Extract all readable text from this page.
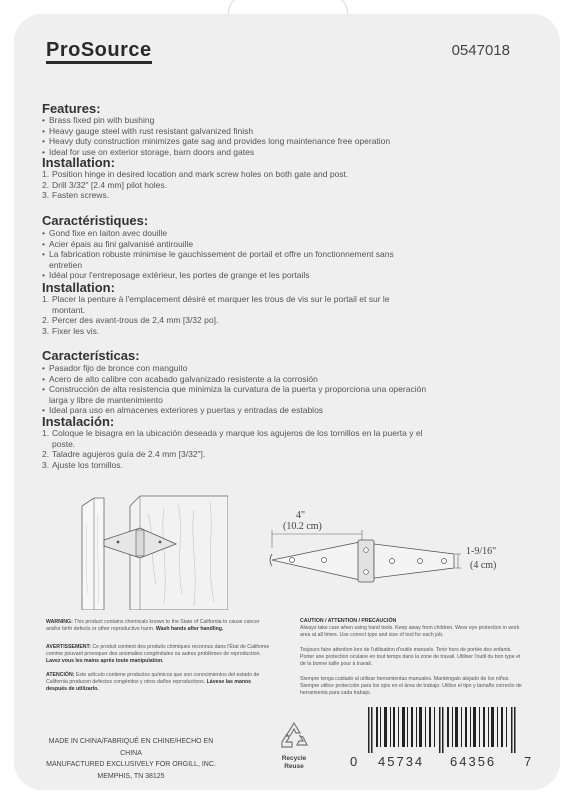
ProSource	0547018
Features:
• Brass fixed pin with bushing
• Heavy gauge steel with rust resistant galvanized finish
• Heavy duty construction minimizes gate sag and provides long maintenance free operation
• Ideal for use on exterior storage, barn doors and gates
Installation:
1. Position hinge in desired location and mark screw holes on both gate and post.
2. Drill 3/32" [2.4 mm] pilot holes.
3. Fasten screws.
Caractéristiques:
• Gond fixe en laiton avec douille
• Acier épais au fini galvanisé antirouille
• La fabrication robuste minimise le gauchissement de portail et offre un fonctionnement sans entretien
• Idéal pour l'entreposage extérieur, les portes de grange et les portails
Installation:
1. Placer la penture à l'emplacement désiré et marquer les trous de vis sur le portail et sur le montant.
2. Percer des avant-trous de 2,4 mm [3/32 po].
3. Fixer les vis.
Características:
• Pasador fijo de bronce con manguito
• Acero de alto calibre con acabado galvanizado resistente a la corrosión
• Construcción de alta resistencia que minimiza la curvatura de la puerta y proporciona una operación larga y libre de mantenimiento
• Ideal para uso en almacenes exteriores y puertas y entradas de establos
Instalación:
1. Coloque le bisagra en la ubicación deseada y marque los agujeros de los tornillos en la puerta y el poste.
2. Taladre agujeros guía de 2.4 mm [3/32"].
3. Ajuste los tornillos.
4"
(10.2 cm)
1-9/16"
(4 cm)
WARNING: This product contains chemicals known to the State of California to cause cancer and/or birth defects or other reproductive harm. Wash hands after handling.
AVERTISSEMENT: Ce produit contient des produits chimiques reconnus dans l'État de Californie comme pouvant provoquer des anomalies congénitales ou autres problèmes de reproduction. Lavez vous les mains après toute manipulation.
ATENCIÓN: Este artículo contiene productos químicos que son conocimientos del estado de California producen defectos congénitos y otros daños reproductivos. Lávese las manos después de utilizarlo.
CAUTION / ATTENTION / PRECAUCIÓN
Always take care when using hand tools. Keep away from children. Wear eye protection in work area at all times. Use correct type and size of tool for each job.

Toujours faire attention lors de l'utilisation d'outils manuels. Tenir hors de portée des enfants. Porter une protection oculaire en tout temps dans la zone de travail. Utiliser l'outil du bon type et de la bonne taille pour à travail.

Siempre tenga cuidado al utilizar herramientas manuales. Manténgalo alejado de los niños. Siempre utilice protección para los ojos en el área de trabajo. Utilice el tipo y tamaño correcto de herramienta para cada trabajo.
MADE IN CHINA/FABRIQUÉ EN CHINE/HECHO EN CHINA
MANUFACTURED EXCLUSIVELY FOR ORGILL, INC.
MEMPHIS, TN 38125
Recycle
Reuse	0 45734 64356 7
